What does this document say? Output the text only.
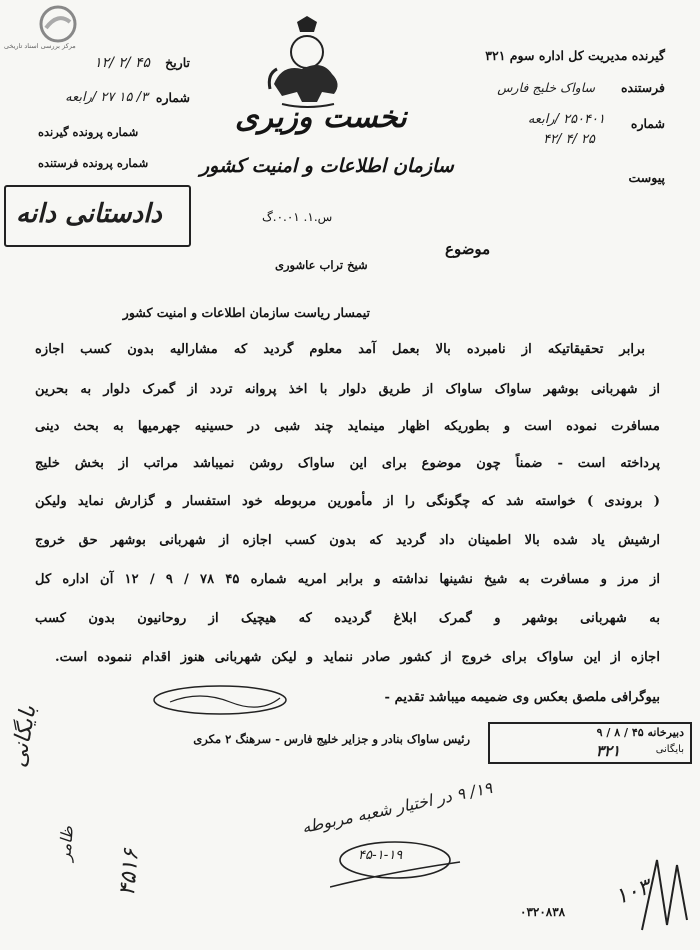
مرکز بررسی اسناد تاریخی
نخست وزیری
سازمان اطلاعات و امنیت کشور
س.۱. ۰.۰۱.گ
گیرنده مدیریت کل اداره سوم ۳۲۱
فرستنده
ساواک خلیج فارس
شماره
۲۵۰۴۰۱ /رابعه
۴۲/ ۴/ ۲۵
پیوست
تاریخ
۱۲/ ۲/ ۴۵
شماره
۳/ ۱۵ ۲۷ /رابعه
شماره پرونده گیرنده
شماره پرونده فرستنده
دادستانی دانه
موضوع
شیخ تراب عاشوری
تیمسار ریاست سازمان اطلاعات و امنیت کشور
برابر تحقیقاتیکه از نامبرده بالا بعمل آمد معلوم گردید که مشارالیه بدون کسب اجازه
از شهربانی بوشهر ساواک ساواک از طریق دلوار با اخذ پروانه تردد از گمرک دلوار به بحرین
مسافرت نموده است و بطوریکه اظهار مینماید چند شبی در حسینیه جهرمیها به بحث دینی
پرداخته است - ضمناً چون موضوع برای این ساواک روشن نمیباشد مراتب از بخش خلیج
( بروندی ) خواسته شد که چگونگی را از مأمورین مربوطه خود استفسار و گزارش نماید ولیکن
ارشیش یاد شده بالا اطمینان داد گردید که بدون کسب اجازه از شهربانی بوشهر حق خروج
از مرز و مسافرت به شیخ نشینها نداشته و برابر امریه شماره ۴۵ ۷۸ / ۹ / ۱۲ آن اداره کل
به شهربانی بوشهر و گمرک ابلاغ گردیده که هیچیک از روحانیون بدون کسب
اجازه از این ساواک برای خروج از کشور صادر ننماید و لیکن شهربانی هنوز اقدام ننموده است.
بیوگرافی ملصق بعکس وی ضمیمه میباشد تقدیم -
رئیس ساواک بنادر و جزایر خلیج فارس - سرهنگ ۲ مکری	دبیرخانه ۴۵ / ۸ / ۹
بایگانی
۳۲۱
بایگانی
ظامر
۴۵۱۶
۱۹/ ۹ در اختیار شعبه مربوطه
۴۵-۱-۱۹
۰۳۲۰۸۳۸
۱۰۳
